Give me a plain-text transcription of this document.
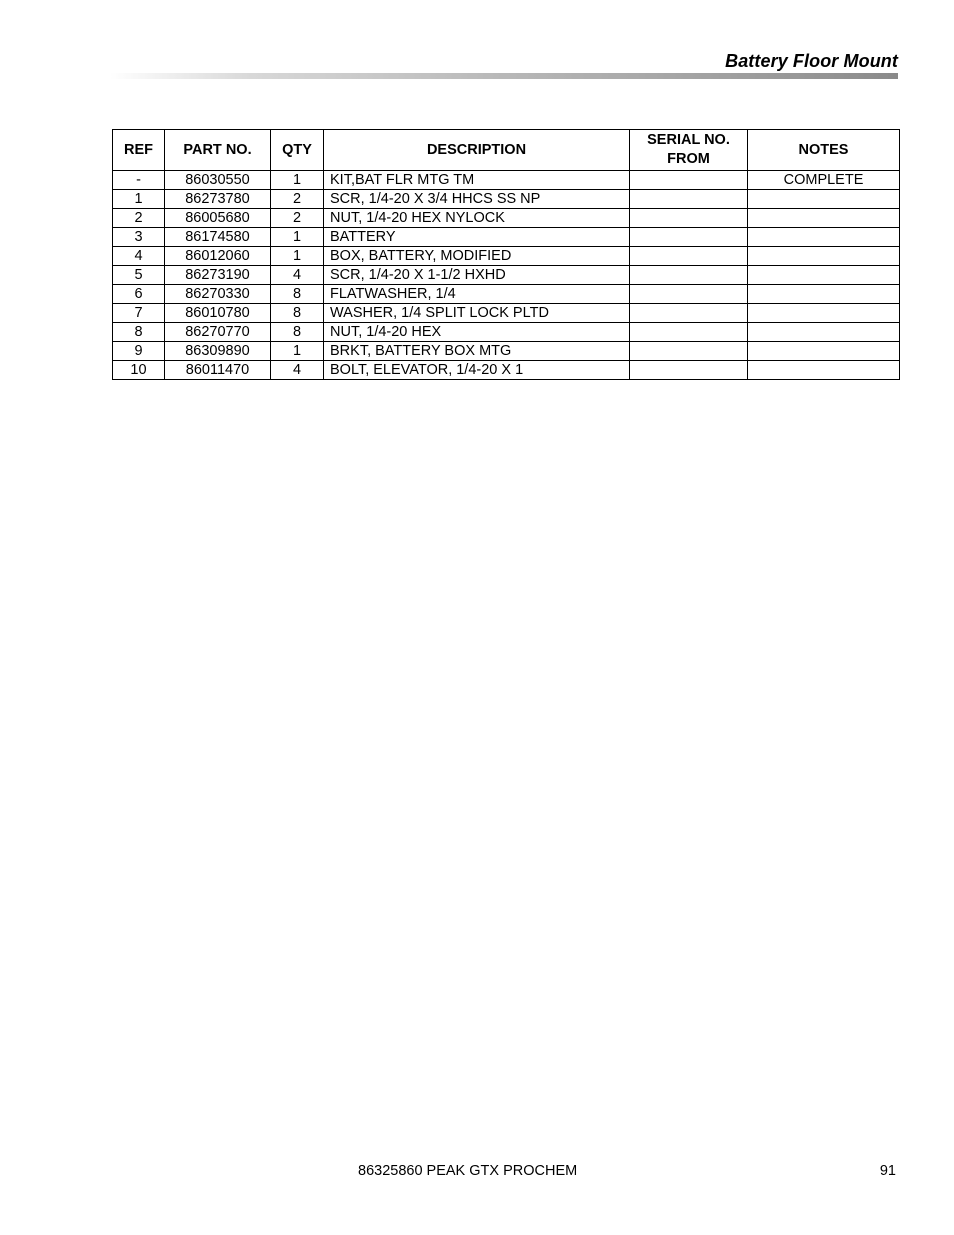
Battery Floor Mount
REF	PART NO.	QTY	DESCRIPTION	SERIAL NO. FROM	NOTES
-	86030550	1	KIT,BAT FLR MTG TM		COMPLETE
1	86273780	2	SCR, 1/4-20 X 3/4 HHCS SS NP		
2	86005680	2	NUT, 1/4-20 HEX NYLOCK		
3	86174580	1	BATTERY		
4	86012060	1	BOX, BATTERY, MODIFIED		
5	86273190	4	SCR, 1/4-20 X 1-1/2 HXHD		
6	86270330	8	FLATWASHER, 1/4		
7	86010780	8	WASHER, 1/4 SPLIT LOCK PLTD		
8	86270770	8	NUT, 1/4-20 HEX		
9	86309890	1	BRKT, BATTERY BOX MTG		
10	86011470	4	BOLT, ELEVATOR, 1/4-20 X 1		
86325860 PEAK GTX PROCHEM	91
